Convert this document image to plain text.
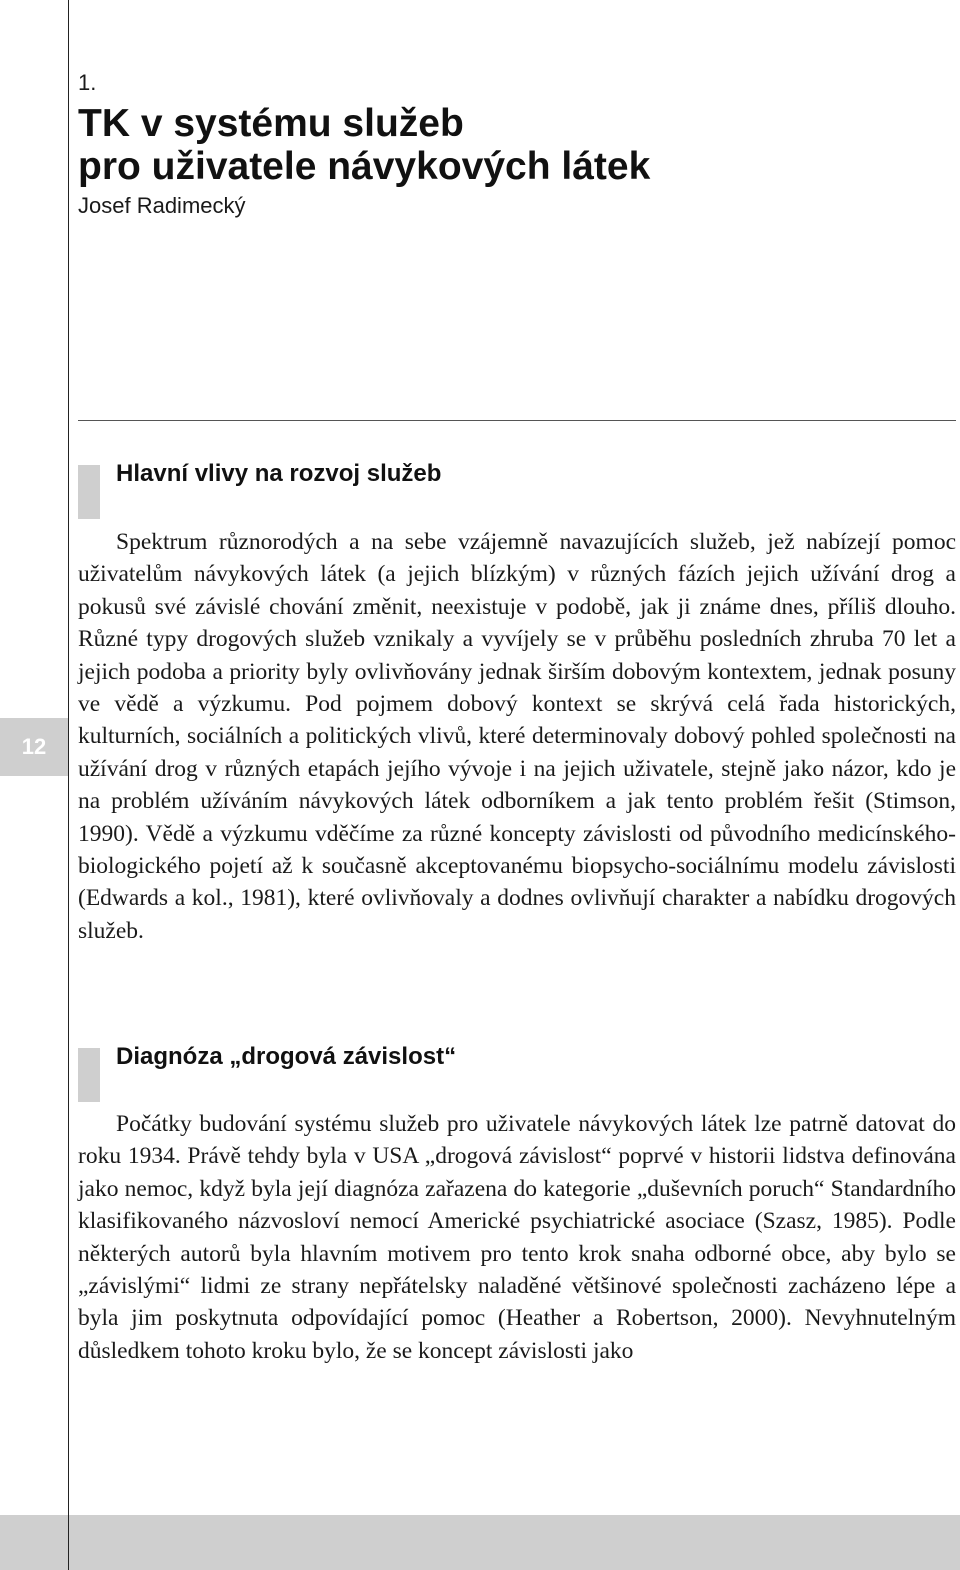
1.
TK v systému služeb
pro uživatele návykových látek
Josef Radimecký
Hlavní vlivy na rozvoj služeb

Spektrum různorodých a na sebe vzájemně navazujících služeb, jež nabízejí pomoc uživatelům návykových látek (a jejich blízkým) v různých fázích jejich užívání drog a pokusů své závislé chování změnit, neexistuje v podobě, jak ji známe dnes, příliš dlouho. Různé typy drogových služeb vznikaly a vyvíjely se v průběhu posledních zhruba 70 let a jejich podoba a priority byly ovlivňovány jednak širším dobovým kontextem, jednak posuny ve vědě a výzkumu. Pod pojmem dobový kontext se skrývá celá řada historických, kulturních, sociálních a politických vlivů, které determinovaly dobový pohled společnosti na užívání drog v různých etapách jejího vývoje i na jejich uživatele, stejně jako názor, kdo je na problém užíváním návykových látek odborníkem a jak tento problém řešit (Stimson, 1990). Vědě a výzkumu vděčíme za různé koncepty závislosti od původního medicínského-biologického pojetí až k současně akceptovanému biopsycho-sociálnímu modelu závislosti (Edwards a kol., 1981), které ovlivňovaly a dodnes ovlivňují charakter a nabídku drogových služeb.

12
Diagnóza „drogová závislost“

Počátky budování systému služeb pro uživatele návykových látek lze patrně datovat do roku 1934. Právě tehdy byla v USA „drogová závislost“ poprvé v historii lidstva definována jako nemoc, když byla její diagnóza zařazena do kategorie „duševních poruch“ Standardního klasifikovaného názvosloví nemocí Americké psychiatrické asociace (Szasz, 1985). Podle některých autorů byla hlavním motivem pro tento krok snaha odborné obce, aby bylo se „závislými“ lidmi ze strany nepřátelsky naladěné většinové společnosti zacházeno lépe a byla jim poskytnuta odpovídající pomoc (Heather a Robertson, 2000). Nevyhnutelným důsledkem tohoto kroku bylo, že se koncept závislosti jako
